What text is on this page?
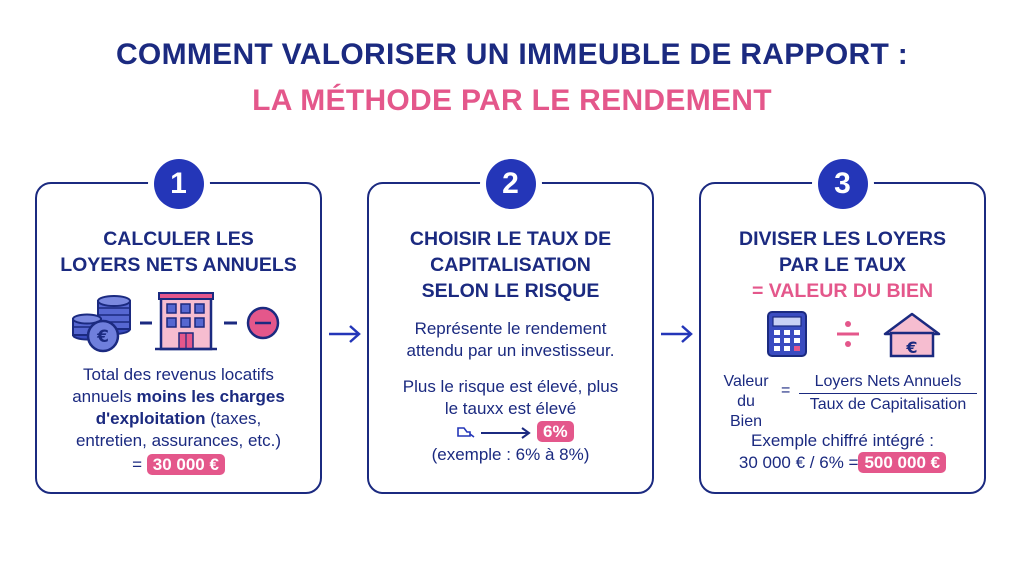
COMMENT VALORISER UN IMMEUBLE DE RAPPORT :
LA MÉTHODE PAR LE RENDEMENT
1
CALCULER LES
LOYERS NETS ANNUELS
€
Total des revenus locatifs
annuels moins les charges
d'exploitation (taxes,
entretien, assurances, etc.)
= 30 000 €
2
CHOISIR LE TAUX DE
CAPITALISATION
SELON LE RISQUE
Représente le rendement
attendu par un investisseur.
Plus le risque est élevé, plus
le tauxx est élevé
6%
(exemple : 6% à 8%)
3
DIVISER LES LOYERS
PAR LE TAUX
= VALEUR DU BIEN
€
Valeur
du Bien
=
Loyers Nets Annuels
Taux de Capitalisation
Exemple chiffré intégré :
30 000 € / 6% = 500 000 €
